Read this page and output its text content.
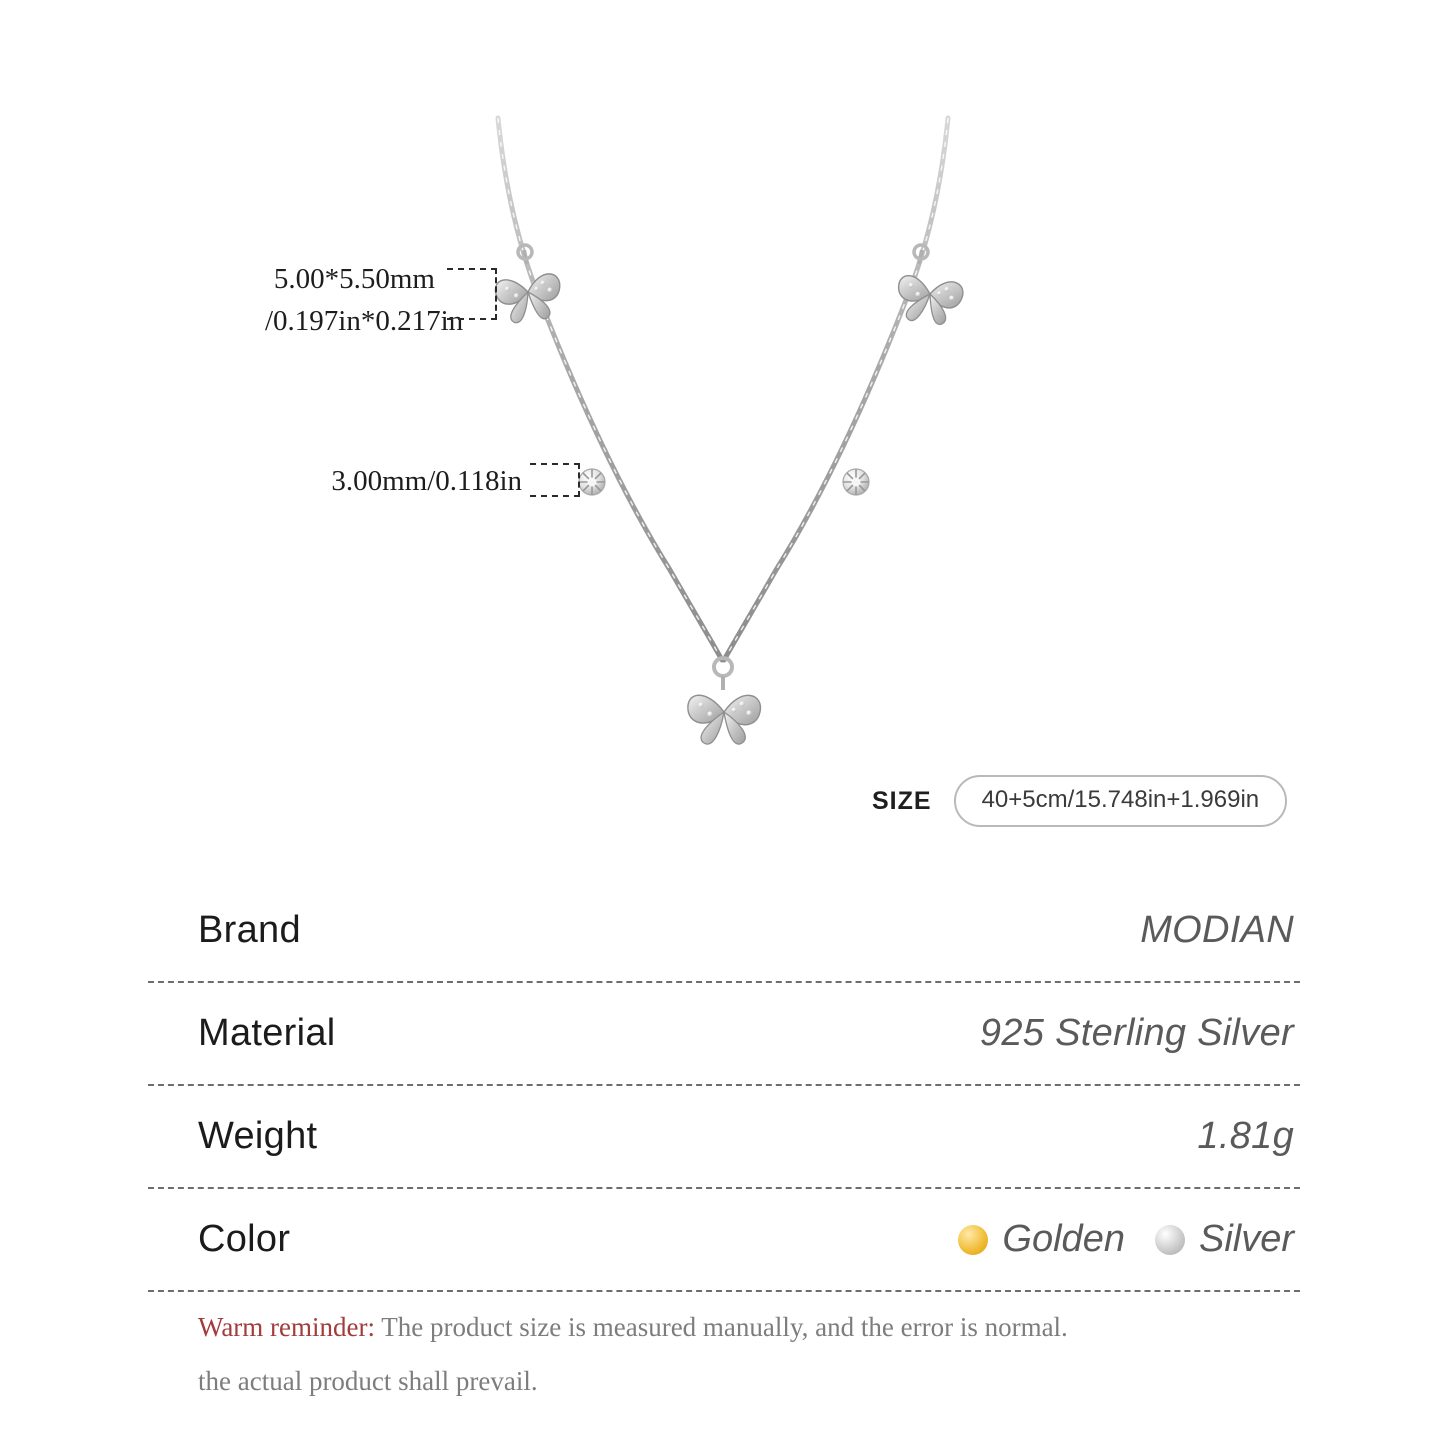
5.00*5.50mm
/0.197in*0.217in
3.00mm/0.118in
SIZE	40+5cm/15.748in+1.969in
Brand	MODIAN
Material	925 Sterling Silver
Weight	1.81g
Color	Golden Silver
Warm reminder: The product size is measured manually, and the error is normal.
the actual product shall prevail.
